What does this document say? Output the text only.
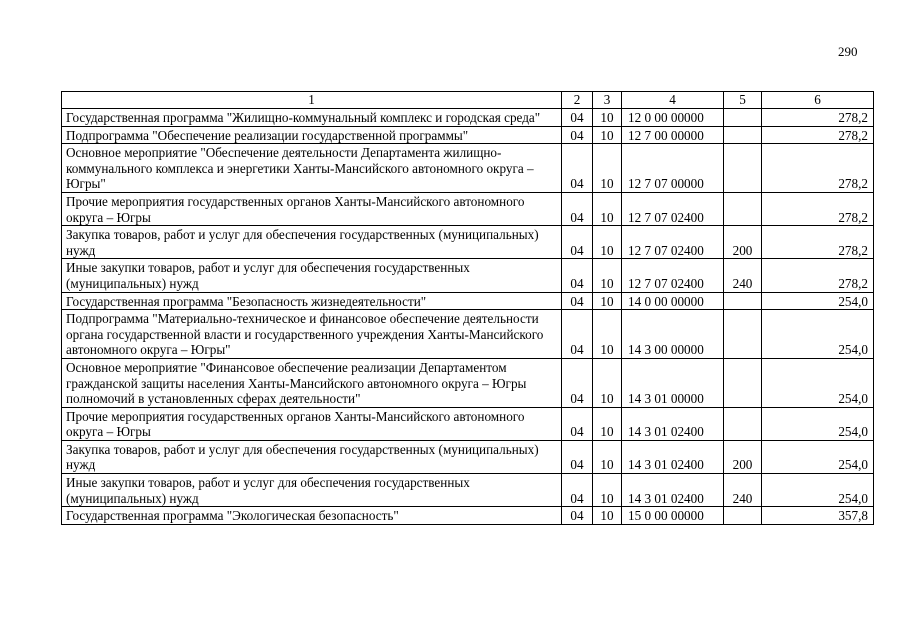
290
1	2	3	4	5	6
Государственная программа "Жилищно-коммунальный комплекс и городская среда"	04	10	12 0 00 00000		278,2
Подпрограмма "Обеспечение реализации государственной программы"	04	10	12 7 00 00000		278,2
Основное мероприятие "Обеспечение деятельности Департамента жилищно-коммунального комплекса и энергетики Ханты-Мансийского автономного округа – Югры"	04	10	12 7 07 00000		278,2
Прочие мероприятия государственных органов Ханты-Мансийского автономного округа – Югры	04	10	12 7 07 02400		278,2
Закупка товаров, работ и услуг для обеспечения государственных (муниципальных) нужд	04	10	12 7 07 02400	200	278,2
Иные закупки товаров, работ и услуг для обеспечения государственных (муниципальных) нужд	04	10	12 7 07 02400	240	278,2
Государственная программа "Безопасность жизнедеятельности"	04	10	14 0 00 00000		254,0
Подпрограмма "Материально-техническое и финансовое обеспечение деятельности органа государственной власти и государственного учреждения Ханты-Мансийского автономного округа – Югры"	04	10	14 3 00 00000		254,0
Основное мероприятие "Финансовое обеспечение реализации Департаментом гражданской защиты населения Ханты-Мансийского автономного округа – Югры полномочий в установленных сферах деятельности"	04	10	14 3 01 00000		254,0
Прочие мероприятия государственных органов Ханты-Мансийского автономного округа – Югры	04	10	14 3 01 02400		254,0
Закупка товаров, работ и услуг для обеспечения государственных (муниципальных) нужд	04	10	14 3 01 02400	200	254,0
Иные закупки товаров, работ и услуг для обеспечения государственных (муниципальных) нужд	04	10	14 3 01 02400	240	254,0
Государственная программа "Экологическая безопасность"	04	10	15 0 00 00000		357,8
